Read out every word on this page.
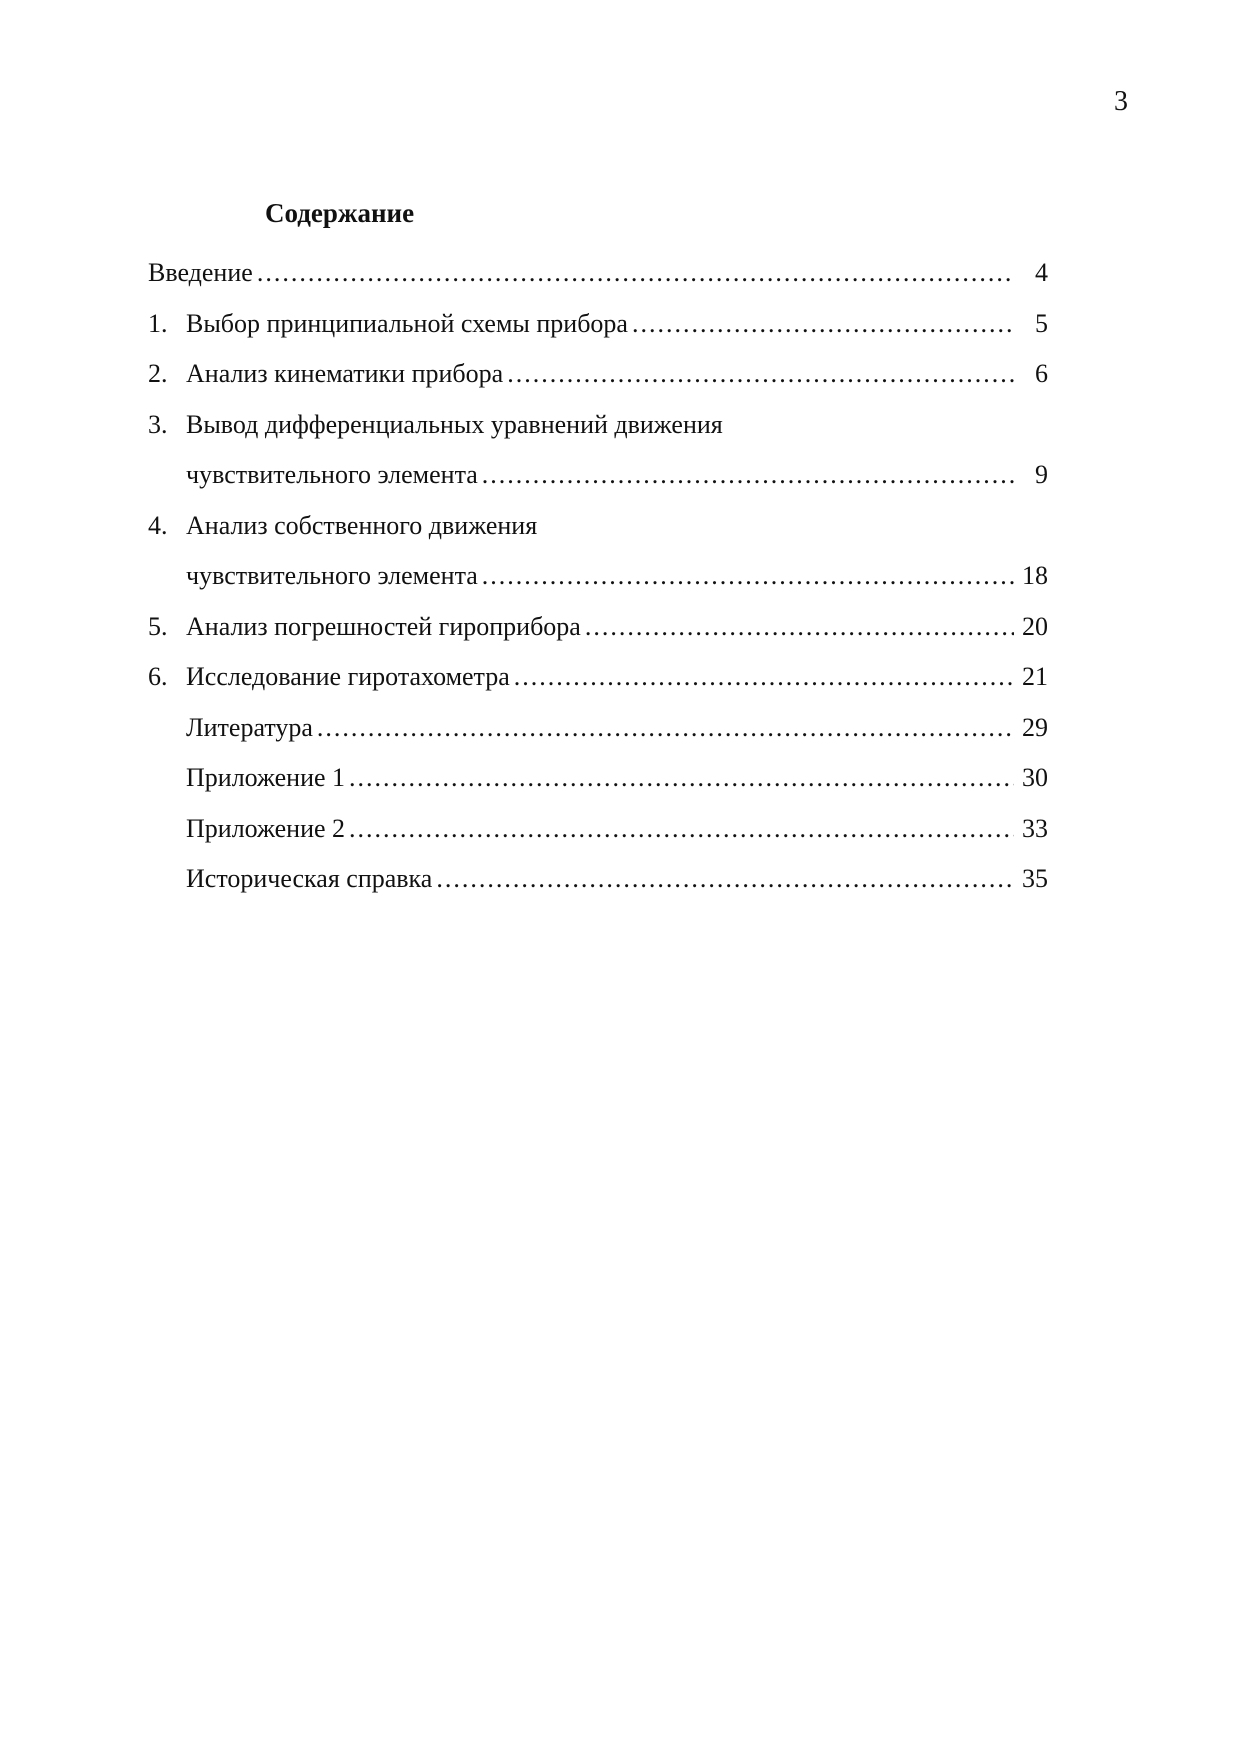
3
Содержание
Введение .....	4
1. Выбор принципиальной схемы прибора .....	5
2. Анализ кинематики прибора .....	6
3. Вывод дифференциальных уравнений движения
чувствительного элемента .....	9
4. Анализ собственного движения
чувствительного элемента .....	18
5. Анализ погрешностей гироприбора .....	20
6. Исследование гиротахометра .....	21
Литература .....	29
Приложение 1 .....	30
Приложение 2 .....	33
Историческая справка .....	35
